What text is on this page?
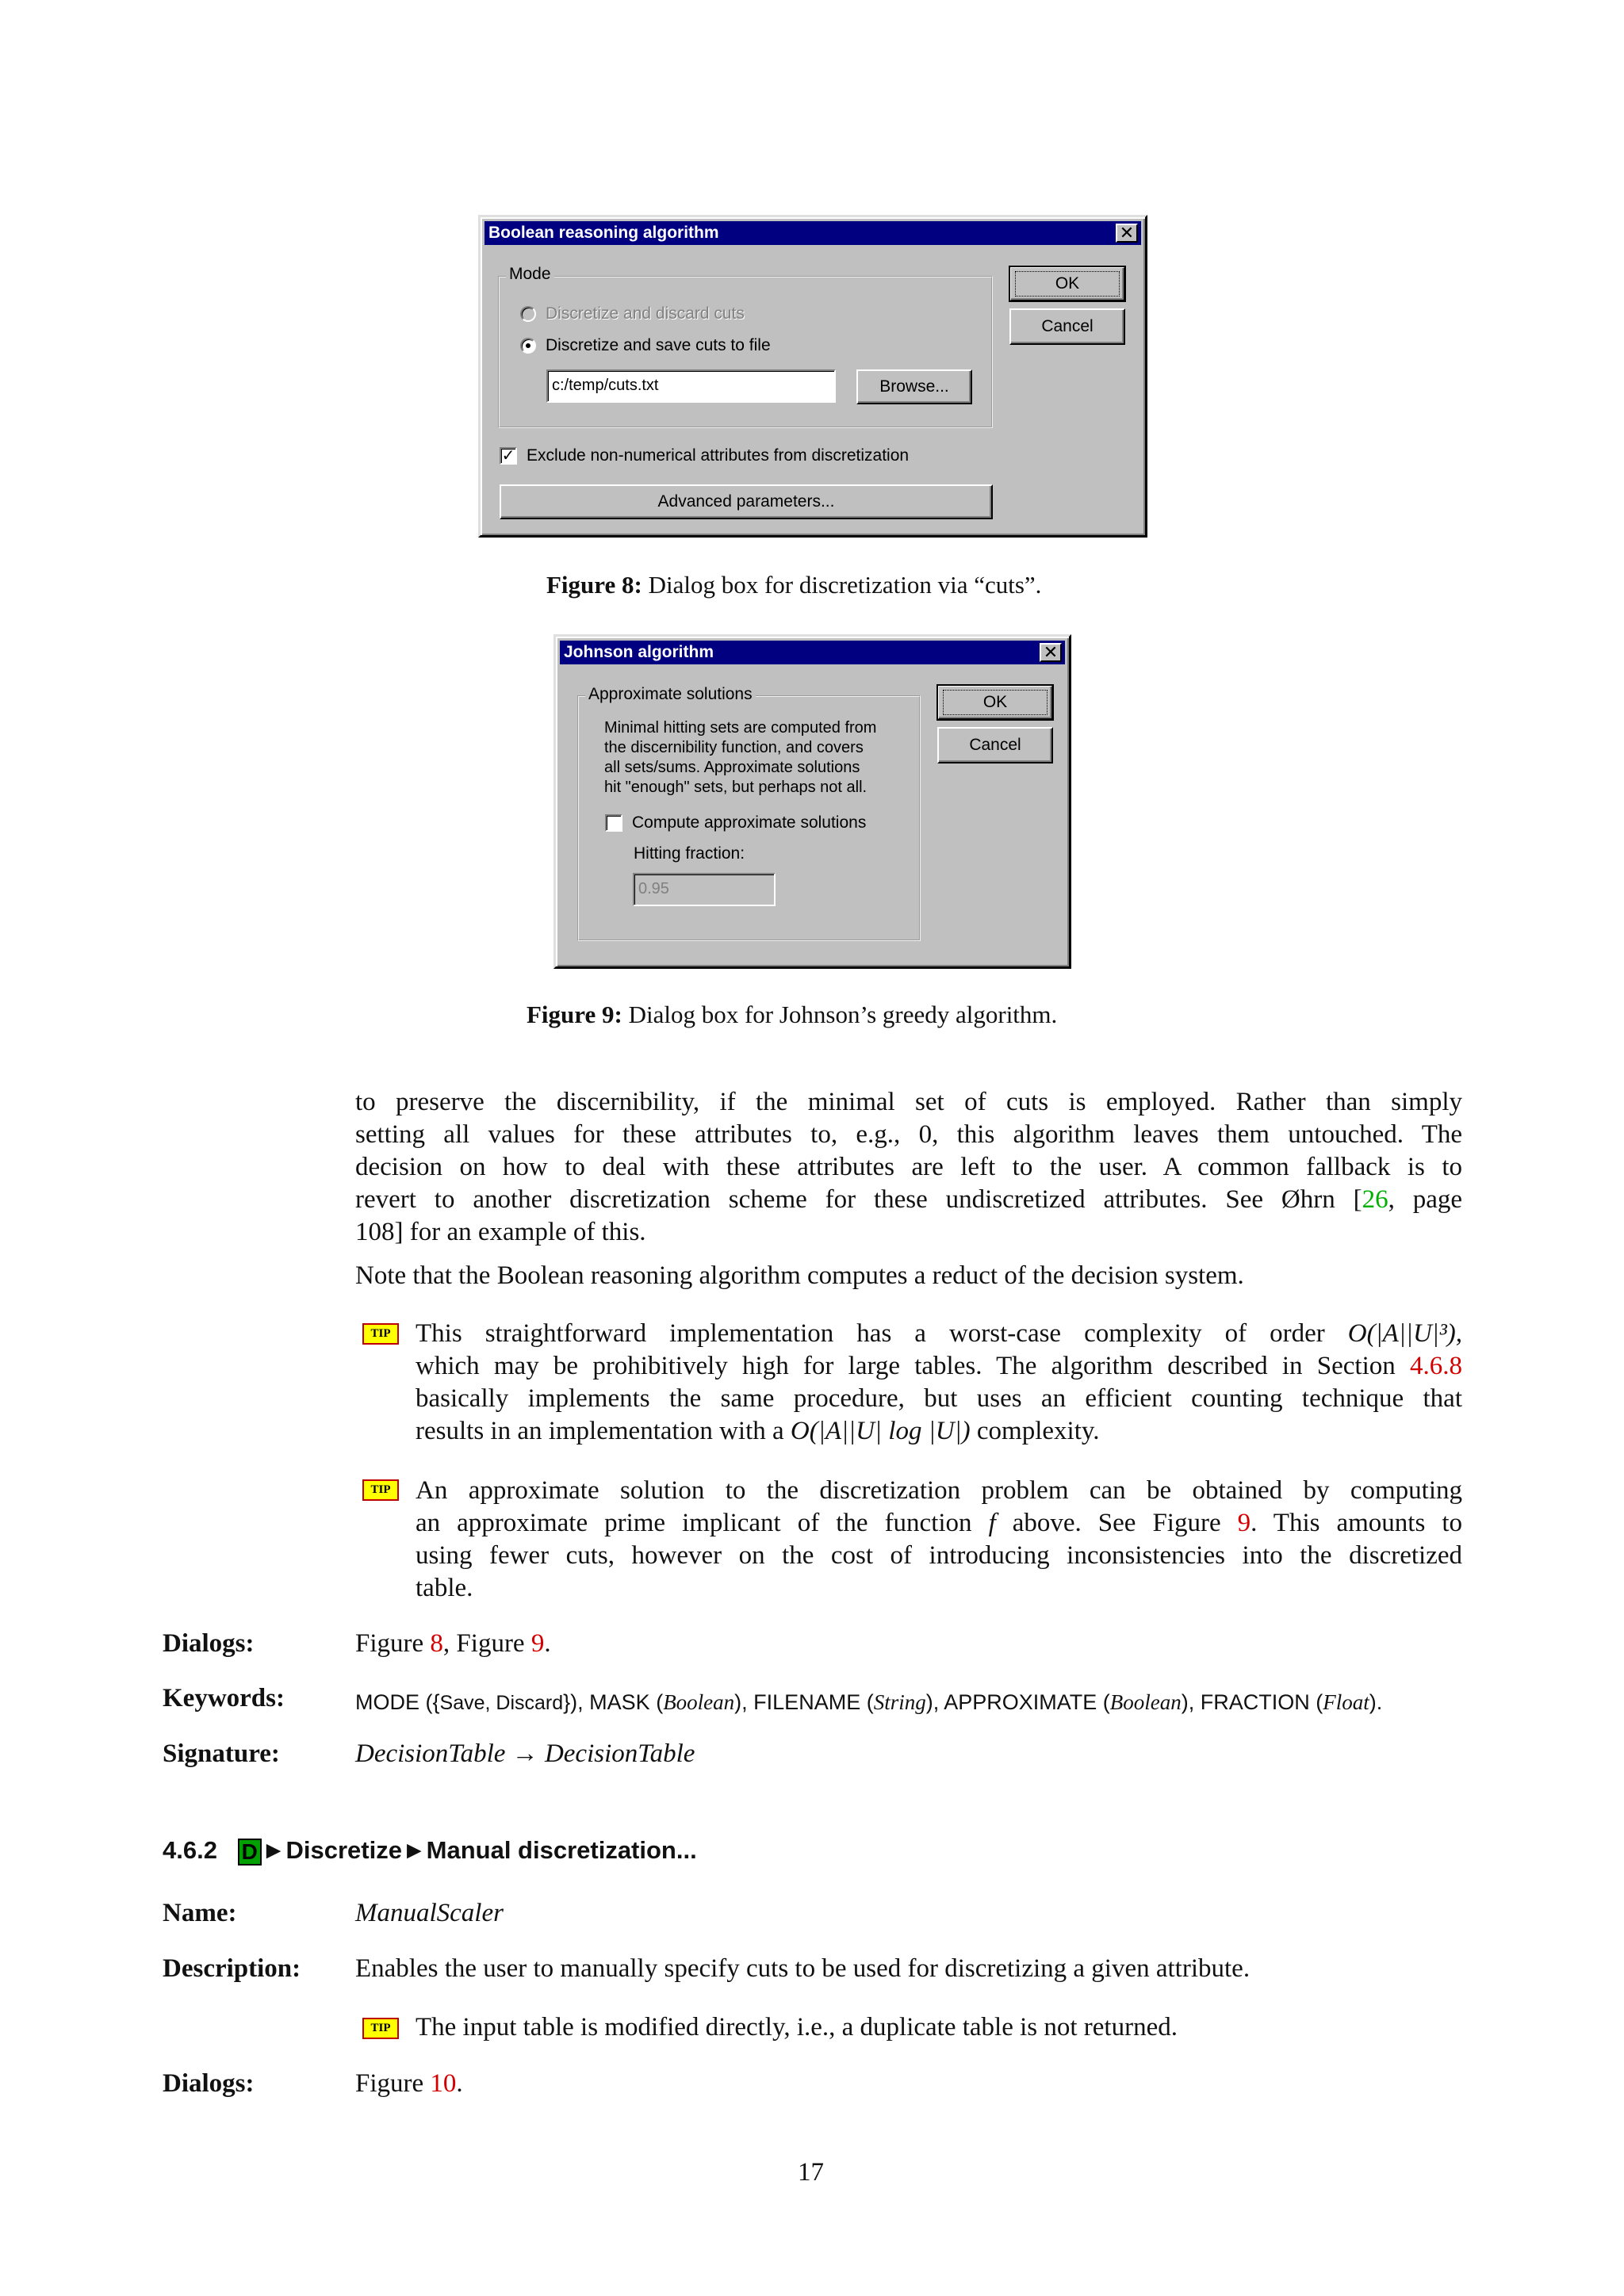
Boolean reasoning algorithm	✕
Mode
Discretize and discard cuts
Discretize and save cuts to file
c:/temp/cuts.txt	Browse...
✓ Exclude non-numerical attributes from discretization
Advanced parameters...
OK
Cancel
Figure 8: Dialog box for discretization via “cuts”.
Johnson algorithm	✕
Approximate solutions
Minimal hitting sets are computed from
the discernibility function, and covers
all sets/sums. Approximate solutions
hit "enough" sets, but perhaps not all.
Compute approximate solutions
Hitting fraction:
0.95
OK
Cancel
Figure 9: Dialog box for Johnson’s greedy algorithm.
to preserve the discernibility, if the minimal set of cuts is employed. Rather than simply
setting all values for these attributes to, e.g., 0, this algorithm leaves them untouched. The
decision on how to deal with these attributes are left to the user. A common fallback is to
revert to another discretization scheme for these undiscretized attributes. See Øhrn [26, page
108] for an example of this.
Note that the Boolean reasoning algorithm computes a reduct of the decision system.
TIP This straightforward implementation has a worst-case complexity of order O(|A||U|³),
which may be prohibitively high for large tables. The algorithm described in Section 4.6.8
basically implements the same procedure, but uses an efficient counting technique that
results in an implementation with a O(|A||U| log |U|) complexity.
TIP An approximate solution to the discretization problem can be obtained by computing
an approximate prime implicant of the function f above. See Figure 9. This amounts to
using fewer cuts, however on the cost of introducing inconsistencies into the discretized
table.
Dialogs:	Figure 8, Figure 9.
Keywords:	MODE ({Save, Discard}), MASK (Boolean), FILENAME (String), APPROXIMATE (Boolean), FRACTION (Float).
Signature:	DecisionTable → DecisionTable
4.6.2 D ►Discretize►Manual discretization...
Name:	ManualScaler
Description: Enables the user to manually specify cuts to be used for discretizing a given attribute.
TIP The input table is modified directly, i.e., a duplicate table is not returned.
Dialogs:	Figure 10.
17
